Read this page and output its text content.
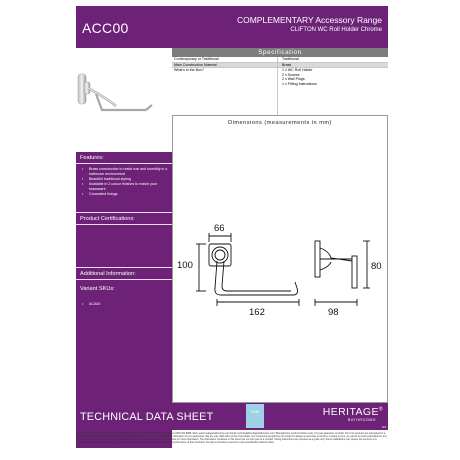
ACC00	COMPLEMENTARY Accessory Range
CLIFTON WC Roll Holder Chrome
Features:
• Brass construction to resist rust and humidity in a bathroom environment
• Beautiful traditional styling
• Available in 2 colour finishes to match your brassware
• Concealed fixings
Product Certifications:
Additional Information:
Variant SKUs:
• ACA00
Specification
Contemporary or Traditional	Traditional
Main Construction Material	Brass
What's in the Box?	1 x WC Roll Holder
2 x Screws
2 x Wall Plugs
1 x Fitting Instructions
Dimensions (measurements in mm)
66
100
162	98
80
TECHNICAL DATA SHEET	YEAR	HERITAGE®
BATHROOMS
D3
Heritage Bathrooms, Bc10 Cygnet Business Park, Dursley Hereward Ht 8DE TTC. Telephone 0330 024 8989. Web: www.heritagebathrooms.com Email: technical@heritagebathrooms.com *Manufacturer product finishes carry a 5 year guarantee on finish. All of our products are warranted for a period from purchase. Most include both parts and labour. Please see the website for more information on our guarantees that are only valid with a proof of purchase. Our continuous programme for product is always an accurate at the time of going to print, we cannot be held responsible for any errors. We reserve the right to change specifications without notice. Please refer to our website for more information. The information contained in this sheet can not form part of a contract. Fitting instructions are provided as a guide only. Some installations may require the services of a professional. Heritage Bathrooms pursue a policy of continuous improvement in design and performance of their products; the right is therefore reserved to vary specification without notice.
